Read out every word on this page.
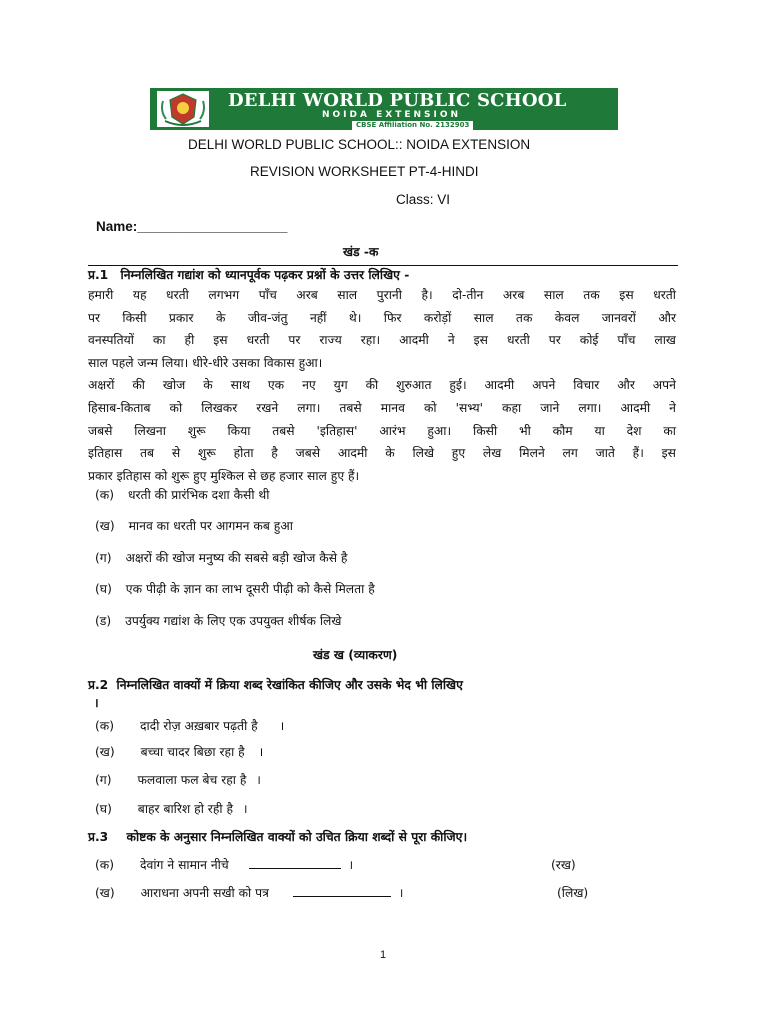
DELHI WORLD PUBLIC SCHOOL
NOIDA EXTENSION
CBSE Affiliation No. 2132903
DELHI WORLD PUBLIC SCHOOL:: NOIDA EXTENSION
REVISION WORKSHEET PT-4-HINDI
Class: VI
Name:____________________
खंड -क
प्र.1 निम्नलिखित गद्यांश को ध्यानपूर्वक पढ़कर प्रश्नों के उत्तर लिखिए -
हमारी यह धरती लगभग पाँच अरब साल पुरानी है। दो-तीन अरब साल तक इस धरती
पर किसी प्रकार के जीव-जंतु नहीं थे। फिर करोड़ों साल तक केवल जानवरों और
वनस्पतियों का ही इस धरती पर राज्य रहा। आदमी ने इस धरती पर कोई पाँच लाख
साल पहले जन्म लिया। धीरे-धीरे उसका विकास हुआ।
अक्षरों की खोज के साथ एक नए युग की शुरुआत हुई। आदमी अपने विचार और अपने
हिसाब-किताब को लिखकर रखने लगा। तबसे मानव को 'सभ्य' कहा जाने लगा। आदमी ने
जबसे लिखना शुरू किया तबसे 'इतिहास' आरंभ हुआ। किसी भी कौम या देश का
इतिहास तब से शुरू होता है जबसे आदमी के लिखे हुए लेख मिलने लग जाते हैं। इस
प्रकार इतिहास को शुरू हुए मुश्किल से छह हजार साल हुए हैं।
(क) धरती की प्रारंभिक दशा कैसी थी
(ख) मानव का धरती पर आगमन कब हुआ
(ग) अक्षरों की खोज मनुष्य की सबसे बड़ी खोज कैसे है
(घ) एक पीढ़ी के ज्ञान का लाभ दूसरी पीढ़ी को कैसे मिलता है
(ड) उपर्युक्य गद्यांश के लिए एक उपयुक्त शीर्षक लिखे
खंड ख (व्याकरण)
प्र.2 निम्नलिखित वाक्यों में क्रिया शब्द रेखांकित कीजिए और उसके भेद भी लिखिए
।
(क) दादी रोज़ अख़बार पढ़ती है ।
(ख) बच्चा चादर बिछा रहा है ।
(ग) फलवाला फल बेच रहा है ।
(घ) बाहर बारिश हो रही है ।
प्र.3 कोष्टक के अनुसार निम्नलिखित वाक्यों को उचित क्रिया शब्दों से पूरा कीजिए।
(क) देवांग ने सामान नीचे	।	(रख)
(ख) आराधना अपनी सखी को पत्र	।	(लिख)
1
